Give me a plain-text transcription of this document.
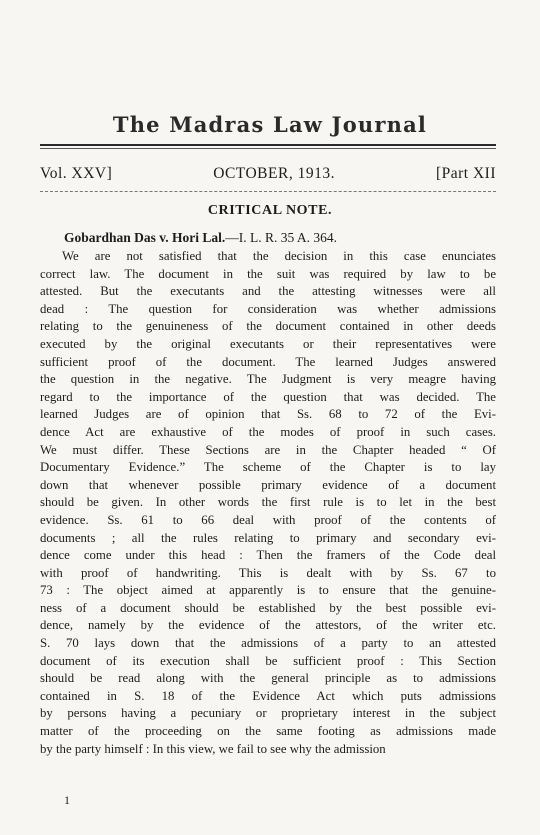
The Madras Law Journal
Vol. XXV]	OCTOBER, 1913.	[Part XII
CRITICAL NOTE.
Gobardhan Das v. Hori Lal.—I. L. R. 35 A. 364.
We are not satisfied that the decision in this case enunciates
correct law. The document in the suit was required by law to be
attested. But the executants and the attesting witnesses were all
dead : The question for consideration was whether admissions
relating to the genuineness of the document contained in other deeds
executed by the original executants or their representatives were
sufficient proof of the document. The learned Judges answered
the question in the negative. The Judgment is very meagre having
regard to the importance of the question that was decided. The
learned Judges are of opinion that Ss. 68 to 72 of the Evi-
dence Act are exhaustive of the modes of proof in such cases.
We must differ. These Sections are in the Chapter headed “ Of
Documentary Evidence.” The scheme of the Chapter is to lay
down that whenever possible primary evidence of a document
should be given. In other words the first rule is to let in the best
evidence. Ss. 61 to 66 deal with proof of the contents of
documents ; all the rules relating to primary and secondary evi-
dence come under this head : Then the framers of the Code deal
with proof of handwriting. This is dealt with by Ss. 67 to
73 : The object aimed at apparently is to ensure that the genuine-
ness of a document should be established by the best possible evi-
dence, namely by the evidence of the attestors, of the writer etc.
S. 70 lays down that the admissions of a party to an attested
document of its execution shall be sufficient proof : This Section
should be read along with the general principle as to admissions
contained in S. 18 of the Evidence Act which puts admissions
by persons having a pecuniary or proprietary interest in the subject
matter of the proceeding on the same footing as admissions made
by the party himself : In this view, we fail to see why the admission
1
